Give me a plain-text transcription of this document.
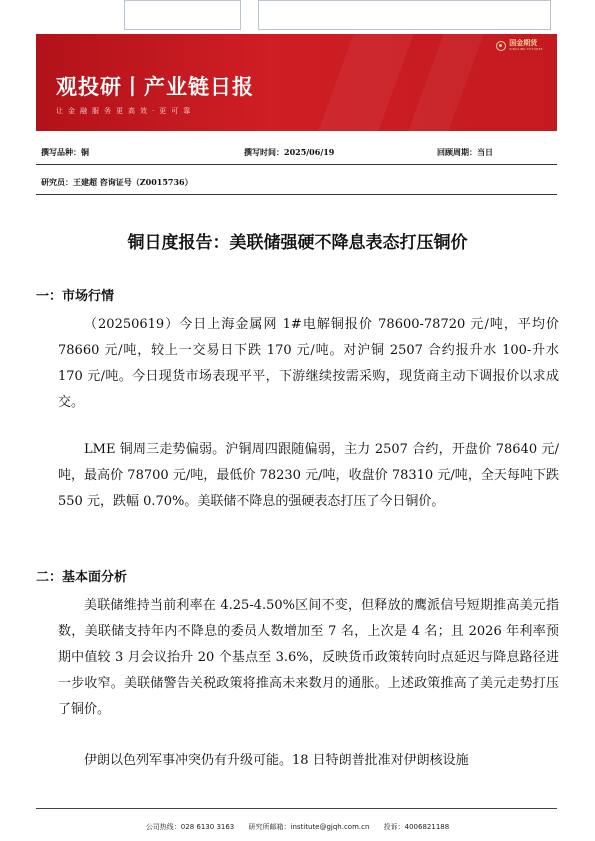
观投研丨产业链日报
让金融服务更高效·更可靠
国金期货
SINOLINK FUTURES
撰写品种：铜	撰写时间：2025/06/19	回顾周期：当日
研究员：王建超 咨询证号（Z0015736）
铜日度报告：美联储强硬不降息表态打压铜价
一：市场行情

（20250619）今日上海金属网 1#电解铜报价 78600-78720 元/吨，平均价 78660 元/吨，较上一交易日下跌 170 元/吨。对沪铜 2507 合约报升水 100-升水 170 元/吨。今日现货市场表现平平，下游继续按需采购，现货商主动下调报价以求成交。

LME 铜周三走势偏弱。沪铜周四跟随偏弱，主力 2507 合约，开盘价 78640 元/吨，最高价 78700 元/吨，最低价 78230 元/吨，收盘价 78310 元/吨，全天每吨下跌 550 元，跌幅 0.70%。美联储不降息的强硬表态打压了今日铜价。

二：基本面分析

美联储维持当前利率在 4.25-4.50%区间不变，但释放的鹰派信号短期推高美元指数，美联储支持年内不降息的委员人数增加至 7 名，上次是 4 名；且 2026 年利率预期中值较 3 月会议抬升 20 个基点至 3.6%，反映货币政策转向时点延迟与降息路径进一步收窄。美联储警告关税政策将推高未来数月的通胀。上述政策推高了美元走势打压了铜价。

伊朗以色列军事冲突仍有升级可能。18 日特朗普批准对伊朗核设施

公司热线：028 6130 3163 研究所邮箱：institute@gjqh.com.cn 投诉：4006821188
